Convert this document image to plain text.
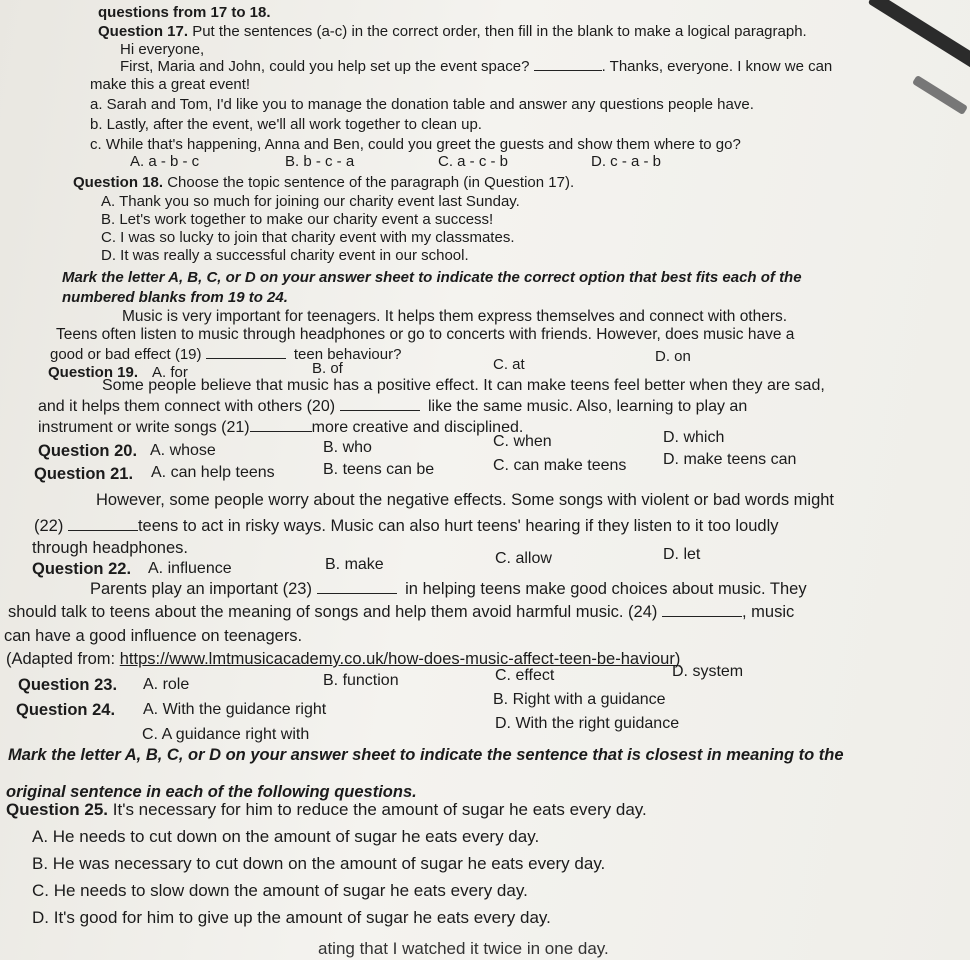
questions from 17 to 18.
Question 17. Put the sentences (a-c) in the correct order, then fill in the blank to make a logical paragraph.
Hi everyone,
First, Maria and John, could you help set up the event space?	. Thanks, everyone. I know we can
make this a great event!
a. Sarah and Tom, I'd like you to manage the donation table and answer any questions people have.
b. Lastly, after the event, we'll all work together to clean up.
c. While that's happening, Anna and Ben, could you greet the guests and show them where to go?
A. a - b - c	B. b - c - a	C. a - c - b	D. c - a - b
Question 18. Choose the topic sentence of the paragraph (in Question 17).
A. Thank you so much for joining our charity event last Sunday.
B. Let's work together to make our charity event a success!
C. I was so lucky to join that charity event with my classmates.
D. It was really a successful charity event in our school.
Mark the letter A, B, C, or D on your answer sheet to indicate the correct option that best fits each of the
numbered blanks from 19 to 24.
Music is very important for teenagers. It helps them express themselves and connect with others.
Teens often listen to music through headphones or go to concerts with friends. However, does music have a
good or bad effect (19)	teen behaviour?
Question 19. A. for	B. of	C. at	D. on
Some people believe that music has a positive effect. It can make teens feel better when they are sad,
and it helps them connect with others (20)	like the same music. Also, learning to play an
instrument or write songs (21)	more creative and disciplined.
Question 20. A. whose	B. who	C. when	D. which
Question 21. A. can help teens	B. teens can be	C. can make teens D. make teens can
However, some people worry about the negative effects. Some songs with violent or bad words might
(22)	teens to act in risky ways. Music can also hurt teens' hearing if they listen to it too loudly
through headphones.
Question 22. A. influence	B. make	C. allow	D. let
Parents play an important (23)	in helping teens make good choices about music. They
should talk to teens about the meaning of songs and help them avoid harmful music. (24)	, music
can have a good influence on teenagers.
(Adapted from: https://www.lmtmusicacademy.co.uk/how-does-music-affect-teen-be-haviour)
Question 23. A. role	B. function	C. effect	D. system
Question 24. A. With the guidance right
B. Right with a guidance
C. A guidance right with
D. With the right guidance
Mark the letter A, B, C, or D on your answer sheet to indicate the sentence that is closest in meaning to the
original sentence in each of the following questions.
Question 25. It's necessary for him to reduce the amount of sugar he eats every day.
A. He needs to cut down on the amount of sugar he eats every day.
B. He was necessary to cut down on the amount of sugar he eats every day.
C. He needs to slow down the amount of sugar he eats every day.
D. It's good for him to give up the amount of sugar he eats every day.
ating that I watched it twice in one day.
